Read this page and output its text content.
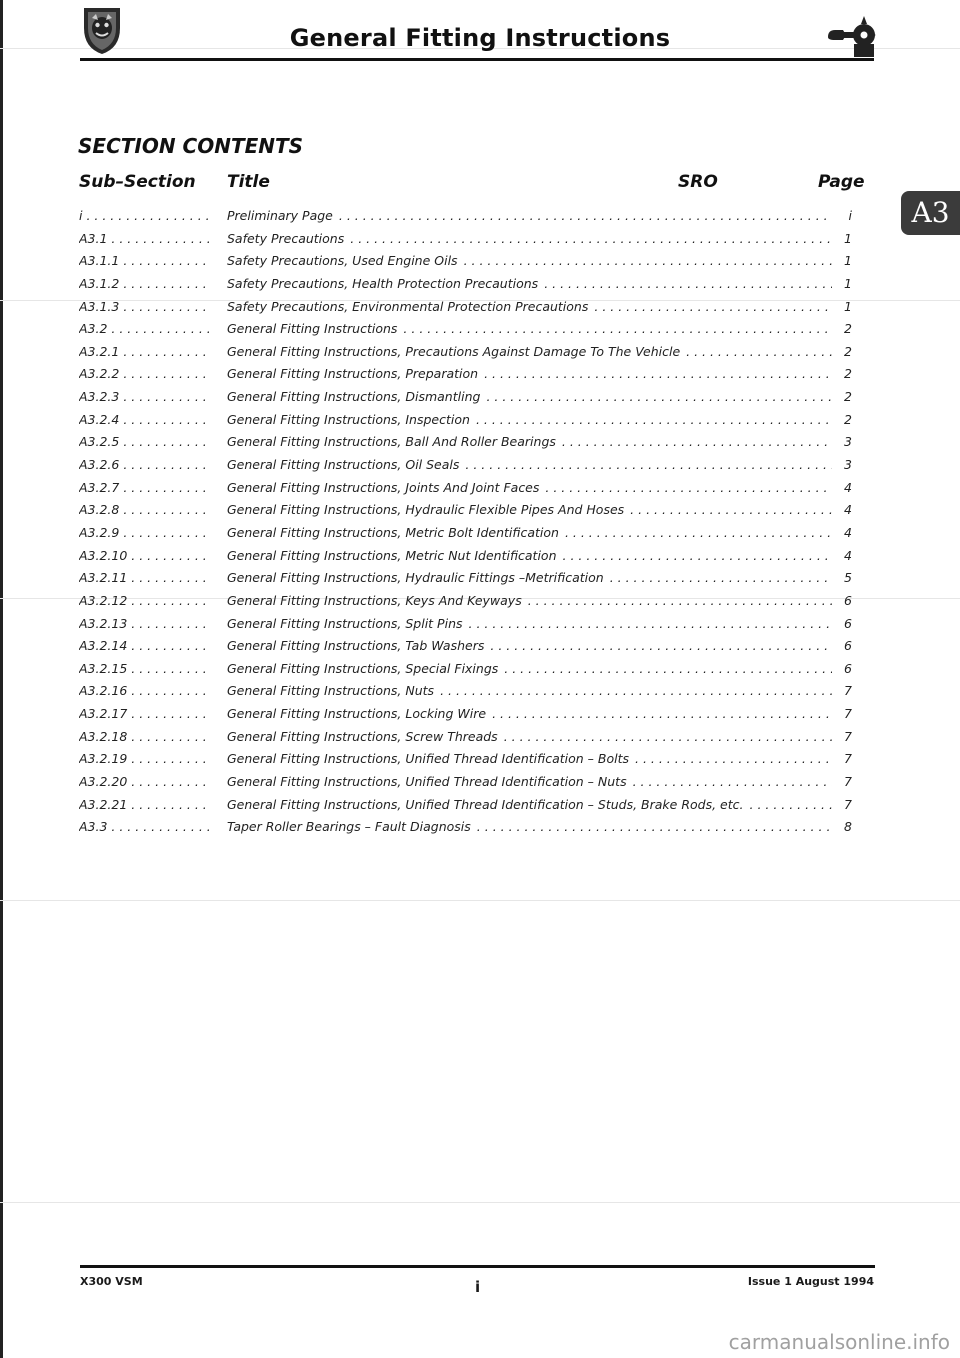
General Fitting Instructions
A3
SECTION CONTENTS
Sub–Section Title	SRO	Page
i . . .	Preliminary Page . . .	i
A3.1 . . .	Safety Precautions . . .	1
A3.1.1 . . .	Safety Precautions, Used Engine Oils . . .	1
A3.1.2 . . .	Safety Precautions, Health Protection Precautions . . .	1
A3.1.3 . . .	Safety Precautions, Environmental Protection Precautions . . .	1
A3.2 . . .	General Fitting Instructions . . .	2
A3.2.1 . . .	General Fitting Instructions, Precautions Against Damage To The Vehicle . . .	2
A3.2.2 . . .	General Fitting Instructions, Preparation . . .	2
A3.2.3 . . .	General Fitting Instructions, Dismantling . . .	2
A3.2.4 . . .	General Fitting Instructions, Inspection . . .	2
A3.2.5 . . .	General Fitting Instructions, Ball And Roller Bearings . . .	3
A3.2.6 . . .	General Fitting Instructions, Oil Seals . . .	3
A3.2.7 . . .	General Fitting Instructions, Joints And Joint Faces . . .	4
A3.2.8 . . .	General Fitting Instructions, Hydraulic Flexible Pipes And Hoses . . .	4
A3.2.9 . . .	General Fitting Instructions, Metric Bolt Identification . . .	4
A3.2.10 . . .	General Fitting Instructions, Metric Nut Identification . . .	4
A3.2.11 . . .	General Fitting Instructions, Hydraulic Fittings –Metrification . . .	5
A3.2.12 . . .	General Fitting Instructions, Keys And Keyways . . .	6
A3.2.13 . . .	General Fitting Instructions, Split Pins . . .	6
A3.2.14 . . .	General Fitting Instructions, Tab Washers . . .	6
A3.2.15 . . .	General Fitting Instructions, Special Fixings . . .	6
A3.2.16 . . .	General Fitting Instructions, Nuts . . .	7
A3.2.17 . . .	General Fitting Instructions, Locking Wire . . .	7
A3.2.18 . . .	General Fitting Instructions, Screw Threads . . .	7
A3.2.19 . . .	General Fitting Instructions, Unified Thread Identification – Bolts . . .	7
A3.2.20 . . .	General Fitting Instructions, Unified Thread Identification – Nuts . . .	7
A3.2.21 . . .	General Fitting Instructions, Unified Thread Identification – Studs, Brake Rods, etc. . . .	7
A3.3 . . .	Taper Roller Bearings – Fault Diagnosis . . .	8
X300 VSM	i	Issue 1 August 1994
carmanualsonline.info
